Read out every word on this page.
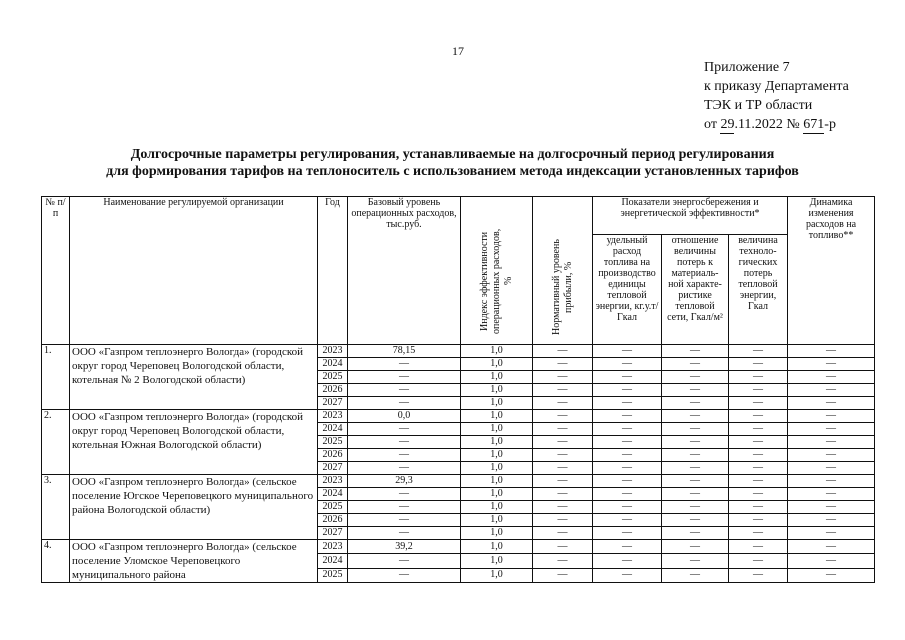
17
Приложение 7
к приказу Департамента
ТЭК и ТР области
от 29.11.2022 № 671-р
Долгосрочные параметры регулирования, устанавливаемые на долгосрочный период регулирования
для формирования тарифов на теплоноситель с использованием метода индексации установленных тарифов
№ п/п	Наименование регулируемой организации	Год	Базовый уровень операционных расходов, тыс.руб.	Индекс эффективности операционных расходов, %	Нормативный уровень прибыли, %	Показатели энергосбережения и энергетической эффективности*			Динамика изменения расходов на топливо**
						удельный расход топлива на производство единицы тепловой энергии, кг.у.т/Гкал	отношение величины потерь к материаль-ной характе-ристике тепловой сети, Гкал/м²	величина техноло-гических потерь тепловой энергии, Гкал	
1.	ООО «Газпром теплоэнерго Вологда» (городской округ город Череповец Вологодской области, котельная № 2 Вологодской области)	2023	78,15	1,0	—	—	—	—	—
		2024	—	1,0	—	—	—	—	—
		2025	—	1,0	—	—	—	—	—
		2026	—	1,0	—	—	—	—	—
		2027	—	1,0	—	—	—	—	—
2.	ООО «Газпром теплоэнерго Вологда» (городской округ город Череповец Вологодской области, котельная Южная Вологодской области)	2023	0,0	1,0	—	—	—	—	—
		2024	—	1,0	—	—	—	—	—
		2025	—	1,0	—	—	—	—	—
		2026	—	1,0	—	—	—	—	—
		2027	—	1,0	—	—	—	—	—
3.	ООО «Газпром теплоэнерго Вологда» (сельское поселение Югское Череповецкого муниципального района Вологодской области)	2023	29,3	1,0	—	—	—	—	—
		2024	—	1,0	—	—	—	—	—
		2025	—	1,0	—	—	—	—	—
		2026	—	1,0	—	—	—	—	—
		2027	—	1,0	—	—	—	—	—
4.	ООО «Газпром теплоэнерго Вологда» (сельское поселение Уломское Череповецкого муниципального района	2023	39,2	1,0	—	—	—	—	—
		2024	—	1,0	—	—	—	—	—
		2025	—	1,0	—	—	—	—	—
